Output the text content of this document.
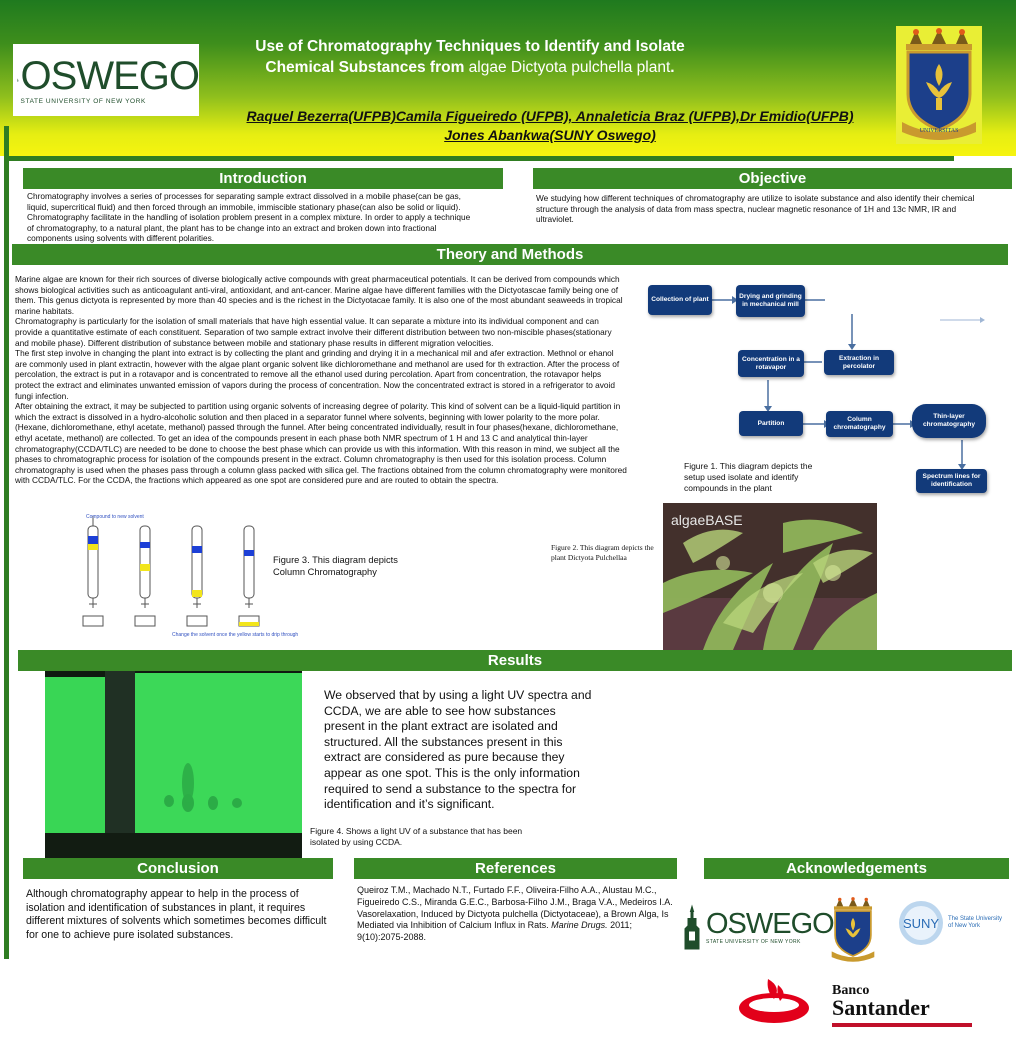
OSWEGO
STATE UNIVERSITY OF NEW YORK
Use of Chromatography Techniques to Identify and Isolate
Chemical Substances from algae Dictyota pulchella plant.
Raquel Bezerra(UFPB)Camila Figueiredo (UFPB), Annaleticia Braz (UFPB),Dr Emidio(UFPB)
Jones Abankwa(SUNY Oswego)	UNIVERSITAS
Introduction
Chromatography involves a series of processes for separating sample extract dissolved in a mobile phase(can be gas, liquid, supercritical fluid) and then forced through an immobile, immiscible stationary phase(can also be solid or liquid). Chromatography facilitate in the handling of isolation problem present in a complex mixture. In order to apply a technique of chromatography, to a natural plant, the plant has to be change into an extract and broken down into fractional components using solvents with different polarities.
Objective
We studying how different techniques of chromatography are utilize to isolate substance and also identify their chemical structure through the analysis of data from mass spectra, nuclear magnetic resonance of 1H and 13c NMR, IR and ultraviolet.
Theory and Methods
Marine algae are known for their rich sources of diverse biologically active compounds with great pharmaceutical potentials. It can be derived from compounds which shows biological activities such as anticoagulant anti-viral, antioxidant, and ant-cancer. Marine algae have different families with the Dictyotascae family being one of them. This genus dictyota is represented by more than 40 species and is the richest in the Dictyotacae family. It is also one of the most abundant seaweeds in tropical marine habitats.
Chromatography is particularly for the isolation of small materials that have high essential value. It can separate a mixture into its individual component and can provide a quantitative estimate of each constituent. Separation of two sample extract involve their different distribution between two non-miscible phases(stationary and mobile phase). Different distribution of substance between mobile and stationary phase results in different migration velocities.
The first step involve in changing the plant into extract is by collecting the plant and grinding and drying it in a mechanical mil and afer extraction. Methnol or ehanol are commonly used in plant extractin, however with the algae plant organic solvent like dichloromethane and methanol are used for th extraction. After the process of percolation, the extract is put in a rotavapor and is concentrated to remove all the ethanol used during percolation. Apart from concentration, the rotavapor helps protect the extract and eliminates unwanted emission of vapors during the process of concentration. Now the concentrated extract is stored in a refrigerator to avoid fungi infection.
After obtaining the extract, it may be subjected to partition using organic solvents of increasing degree of polarity. This kind of solvent can be a liquid-liquid partition in which the extract is dissolved in a hydro-alcoholic solution and then placed in a separator funnel where solvents, beginning with lower polarity to the more polar.(Hexane, dichloromethane, ethyl acetate, methanol) passed through the funnel. After being concentrated individually, result in four phases(hexane, dichloromethane, ethyl acetate, methanol) are collected. To get an idea of the compounds present in each phase both NMR spectrum of 1 H and 13 C and analytical thin-layer chromatography(CCDA/TLC) are needed to be done to choose the best phase which can provide us with this information. With this reason in mind, we subject all the phases to chromatographic process for isolation of the compounds present in the extract. Column chromatography is then used for this isolation process. Column chromatography is used when the phases pass through a column glass packed with silica gel. The fractions obtained from the column chromatography were monitored with CCDA/TLC. For the CCDA, the fractions which appeared as one spot are considered pure and are routed to obtain the spectra.
Collection of plant	Drying and grinding in mechanical mill
Extraction in percolator
Concentration in a rotavapor
Partition	Column chromatography
Thin-layer chromatography
Spectrum lines for identification
Figure 1. This diagram depicts the setup used isolate and identify compounds in the plant
Compound to new solvent
Change the solvent once the yellow starts to drip through
Figure 3. This diagram depicts Column Chromatography
Figure 2. This diagram depicts the plant Dictyota Pulchellaa
algaeBASE
Results
We observed that by using a light UV spectra and CCDA, we are able to see how substances present in the plant extract are isolated and structured. All the substances present in this extract are considered as pure because they appear as one spot. This is the only information required to send a substance to the spectra for identification and it’s significant.
Figure 4. Shows a light UV of a substance that has been isolated by using CCDA.
Conclusion
Although chromatography appear to help in the process of isolation and identification of substances in plant, it requires different mixtures of solvents which sometimes becomes difficult for one to achieve pure isolated substances.
References
Queiroz T.M., Machado N.T., Furtado F.F., Oliveira-Filho A.A., Alustau M.C., Figueiredo C.S., Miranda G.E.C., Barbosa-Filho J.M., Braga V.A., Medeiros I.A. Vasorelaxation, Induced by Dictyota pulchella (Dictyotaceae), a Brown Alga, Is Mediated via Inhibition of Calcium Influx in Rats. Marine Drugs. 2011; 9(10):2075-2088.
Acknowledgements
OSWEGO
STATE UNIVERSITY OF NEW YORK
SUNY The State University of New York
Banco
Santander
